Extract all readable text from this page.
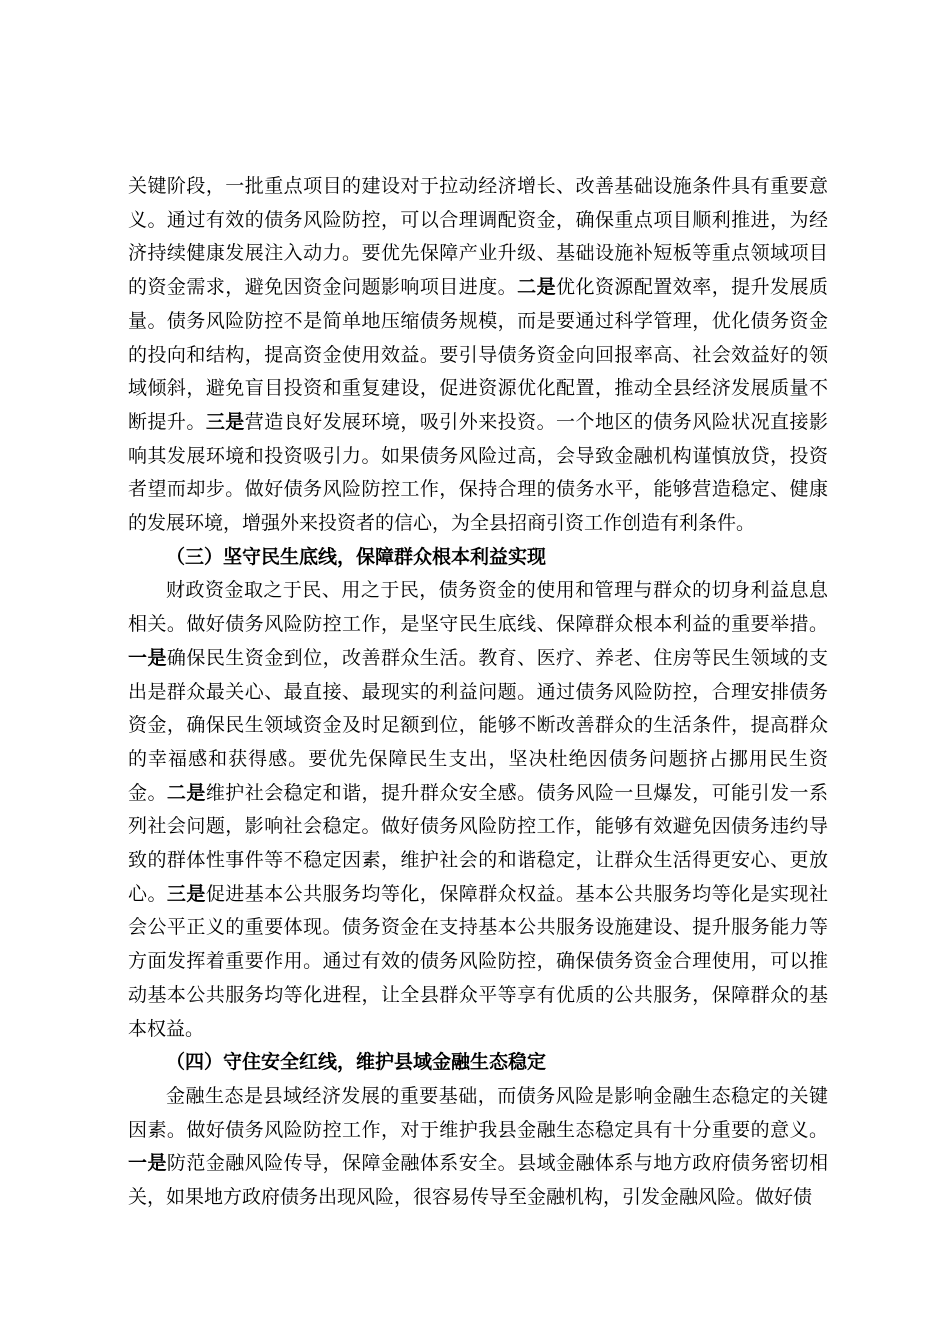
关键阶段，一批重点项目的建设对于拉动经济增长、改善基础设施条件具有重要意义。通过有效的债务风险防控，可以合理调配资金，确保重点项目顺利推进，为经济持续健康发展注入动力。要优先保障产业升级、基础设施补短板等重点领域项目的资金需求，避免因资金问题影响项目进度。二是优化资源配置效率，提升发展质量。债务风险防控不是简单地压缩债务规模，而是要通过科学管理，优化债务资金的投向和结构，提高资金使用效益。要引导债务资金向回报率高、社会效益好的领域倾斜，避免盲目投资和重复建设，促进资源优化配置，推动全县经济发展质量不断提升。三是营造良好发展环境，吸引外来投资。一个地区的债务风险状况直接影响其发展环境和投资吸引力。如果债务风险过高，会导致金融机构谨慎放贷，投资者望而却步。做好债务风险防控工作，保持合理的债务水平，能够营造稳定、健康的发展环境，增强外来投资者的信心，为全县招商引资工作创造有利条件。

（三）坚守民生底线，保障群众根本利益实现

财政资金取之于民、用之于民，债务资金的使用和管理与群众的切身利益息息相关。做好债务风险防控工作，是坚守民生底线、保障群众根本利益的重要举措。一是确保民生资金到位，改善群众生活。教育、医疗、养老、住房等民生领域的支出是群众最关心、最直接、最现实的利益问题。通过债务风险防控，合理安排债务资金，确保民生领域资金及时足额到位，能够不断改善群众的生活条件，提高群众的幸福感和获得感。要优先保障民生支出，坚决杜绝因债务问题挤占挪用民生资金。二是维护社会稳定和谐，提升群众安全感。债务风险一旦爆发，可能引发一系列社会问题，影响社会稳定。做好债务风险防控工作，能够有效避免因债务违约导致的群体性事件等不稳定因素，维护社会的和谐稳定，让群众生活得更安心、更放心。三是促进基本公共服务均等化，保障群众权益。基本公共服务均等化是实现社会公平正义的重要体现。债务资金在支持基本公共服务设施建设、提升服务能力等方面发挥着重要作用。通过有效的债务风险防控，确保债务资金合理使用，可以推动基本公共服务均等化进程，让全县群众平等享有优质的公共服务，保障群众的基本权益。

（四）守住安全红线，维护县域金融生态稳定

金融生态是县域经济发展的重要基础，而债务风险是影响金融生态稳定的关键因素。做好债务风险防控工作，对于维护我县金融生态稳定具有十分重要的意义。一是防范金融风险传导，保障金融体系安全。县域金融体系与地方政府债务密切相关，如果地方政府债务出现风险，很容易传导至金融机构，引发金融风险。做好债
